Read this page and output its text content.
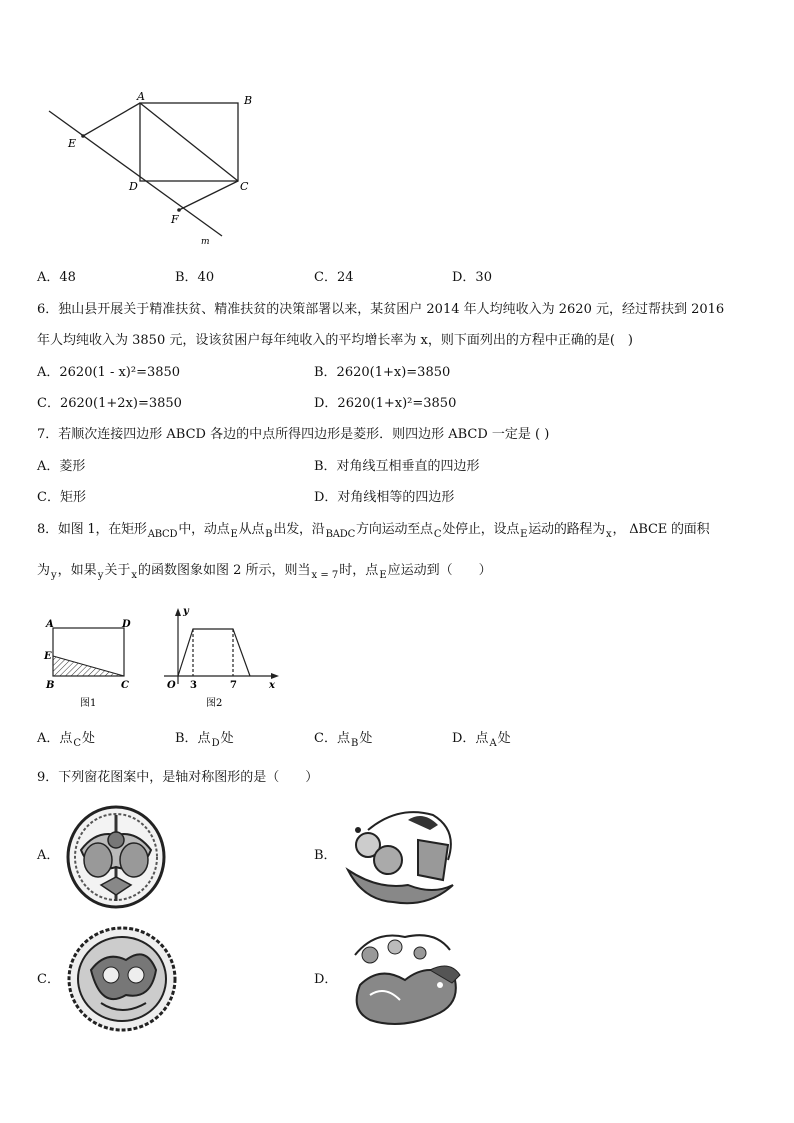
A	B
C
D
E
F
m
A．48	B．40	C．24	D．30
6．独山县开展关于精准扶贫、精准扶贫的决策部署以来，某贫困户 2014 年人均纯收入为 2620 元，经过帮扶到 2016
年人均纯收入为 3850 元，设该贫困户每年纯收入的平均增长率为 x，则下面列出的方程中正确的是(　)
A．2620(1 - x)²=3850	B．2620(1+x)=3850
C．2620(1+2x)=3850	D．2620(1+x)²=3850
7．若顺次连接四边形 ABCD 各边的中点所得四边形是菱形．则四边形 ABCD 一定是 ( )
A．菱形	B．对角线互相垂直的四边形
C．矩形	D．对角线相等的四边形
8．如图 1，在矩形$_{ABCD}$中，动点$_E$从点$_B$出发，沿$_{BADC}$方向运动至点$_C$处停止，设点$_E$运动的路程为$_x$， ΔBCE 的面积
为$_y$，如果$_y$关于$_x$的函数图象如图 2 所示，则当$_{x = 7}$时，点$_E$应运动到（　　）
A	D
E
B	C
图1
y
x
O 3	7
图2
A．点$_C$处	B．点$_D$处	C．点$_B$处	D．点$_A$处
9．下列窗花图案中，是轴对称图形的是（　　）
A．	B．
C．	D．
